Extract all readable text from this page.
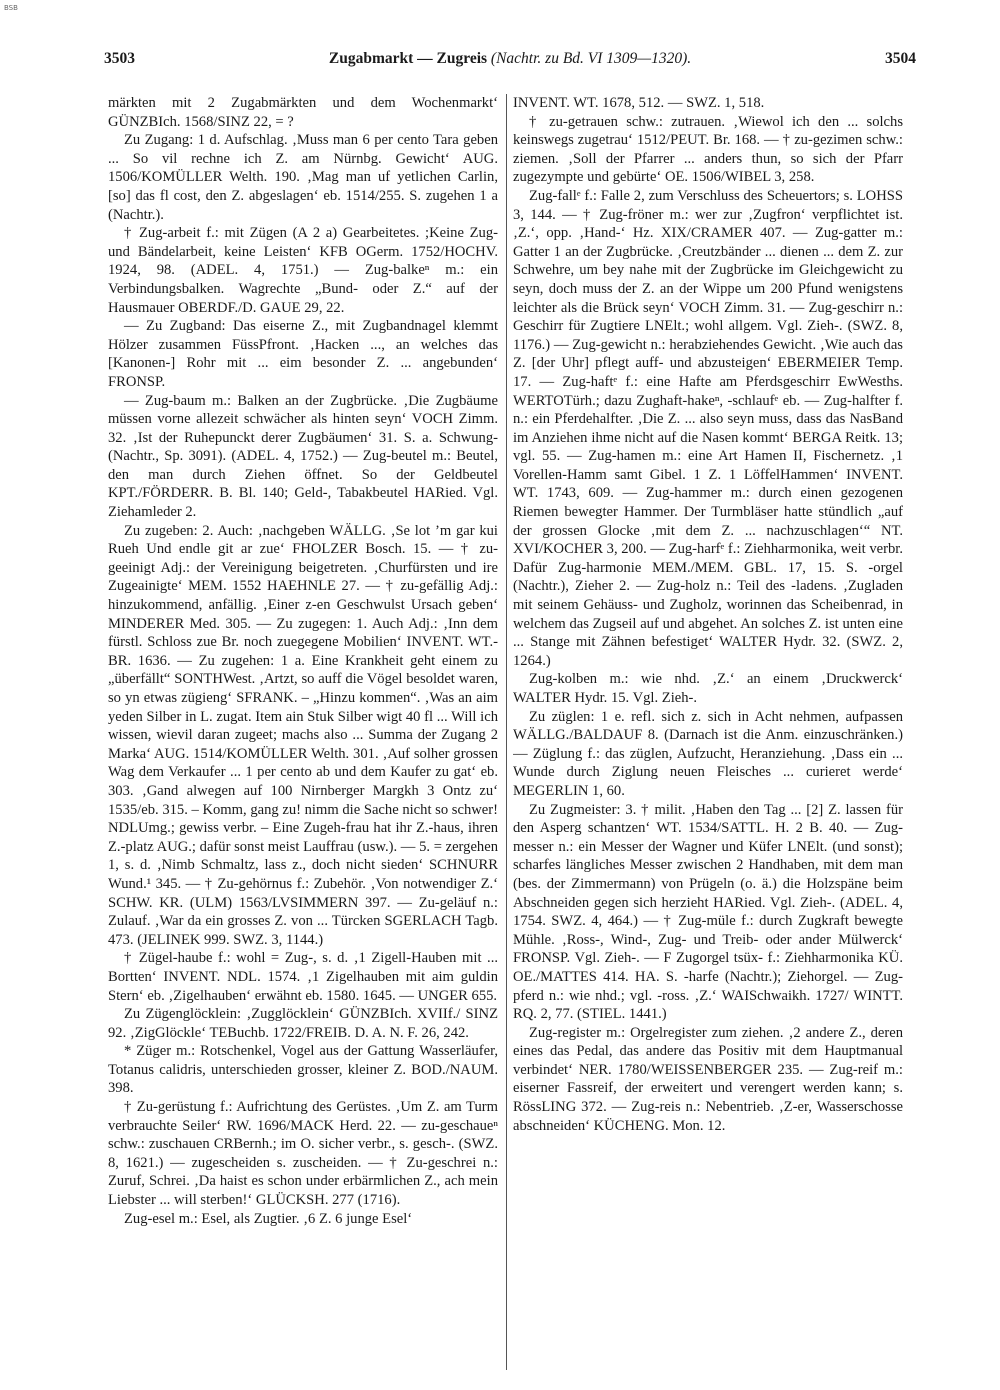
BSB
3503	Zugabmarkt — Zugreis (Nachtr. zu Bd. VI 1309—1320).	3504

märkten mit 2 Zugabmärkten und dem Wochenmarkt‘ GÜNZBIch. 1568/SINZ 22, = ?

Zu Zugang: 1 d. Aufschlag. ‚Muss man 6 per cento Tara geben ... So vil rechne ich Z. am Nürnbg. Gewicht‘ AUG. 1506/KOMÜLLER Welth. 190. ‚Mag man uf yetlichen Carlin, [so] das fl cost, den Z. abgeslagen‘ eb. 1514/255. S. zugehen 1 a (Nachtr.).

† Zug-arbeit f.: mit Zügen (A 2 a) Gearbeitetes. ;Keine Zug- und Bändelarbeit, keine Leisten‘ KFB OGerm. 1752/HOCHV. 1924, 98. (ADEL. 4, 1751.) — Zug-balkeⁿ m.: ein Verbindungsbalken. Wagrechte „Bund- oder Z.“ auf der Hausmauer OBERDF./D. GAUE 29, 22.

— Zu Zugband: Das eiserne Z., mit Zugbandnagel klemmt Hölzer zusammen FüssPfront. ‚Hacken ..., an welches das [Kanonen-] Rohr mit ... eim besonder Z. ... angebunden‘ FRONSP.

— Zug-baum m.: Balken an der Zugbrücke. ‚Die Zugbäume müssen vorne allezeit schwächer als hinten seyn‘ VOCH Zimm. 32. ‚Ist der Ruhepunckt derer Zugbäumen‘ 31. S. a. Schwung- (Nachtr., Sp. 3091). (ADEL. 4, 1752.) — Zug-beutel m.: Beutel, den man durch Ziehen öffnet. So der Geldbeutel KPT./FÖRDERR. B. Bl. 140; Geld-, Tabakbeutel HARied. Vgl. Ziehamleder 2.

Zu zugeben: 2. Auch: ‚nachgeben WÄLLG. ‚Se lot ’m gar kui Rueh Und endle git ar zue‘ FHOLZER Bosch. 15. — † zu-geeinigt Adj.: der Vereinigung beigetreten. ‚Churfürsten und ire Zugeainigte‘ MEM. 1552 HAEHNLE 27. — † zu-gefällig Adj.: hinzukommend, anfällig. ‚Einer z-en Geschwulst Ursach geben‘ MINDERER Med. 305. — Zu zugegen: 1. Auch Adj.: ‚Inn dem fürstl. Schloss zue Br. noch zuegegene Mobilien‘ INVENT. WT.-BR. 1636. — Zu zugehen: 1 a. Eine Krankheit geht einem zu „überfällt“ SONTHWest. ‚Artzt, so auff die Vögel besoldet waren, so yn etwas zügieng‘ SFRANK. – „Hinzu kommen“. ‚Was an aim yeden Silber in L. zugat. Item ain Stuk Silber wigt 40 fl ... Will ich wissen, wievil daran zugeet; machs also ... Summa der Zugang 2 Marka‘ AUG. 1514/KOMÜLLER Welth. 301. ‚Auf solher grossen Wag dem Verkaufer ... 1 per cento ab und dem Kaufer zu gat‘ eb. 303. ‚Gand alwegen auf 100 Nirnberger Margkh 3 Ontz zu‘ 1535/eb. 315. – Komm, gang zu! nimm die Sache nicht so schwer! NDLUmg.; gewiss verbr. – Eine Zugeh-frau hat ihr Z.-haus, ihren Z.-platz AUG.; dafür sonst meist Lauffrau (usw.). — 5. = zergehen 1, s. d. ‚Nimb Schmaltz, lass z., doch nicht sieden‘ SCHNURR Wund.¹ 345. — † Zu-gehörnus f.: Zubehör. ‚Von notwendiger Z.‘ SCHW. KR. (ULM) 1563/LVSIMMERN 397. — Zu-geläuf n.: Zulauf. ‚War da ein grosses Z. von ... Türcken SGERLACH Tagb. 473. (JELINEK 999. SWZ. 3, 1144.)

† Zügel-haube f.: wohl = Zug-, s. d. ‚1 Zigell-Hauben mit ... Bortten‘ INVENT. NDL. 1574. ‚1 Zigelhauben mit aim guldin Stern‘ eb. ‚Zigelhauben‘ erwähnt eb. 1580. 1645. — UNGER 655.

Zu Zügenglöcklein: ‚Zugglöcklein‘ GÜNZBIch. XVIIf./ SINZ 92. ‚ZigGlöckle‘ TEBuchb. 1722/FREIB. D. A. N. F. 26, 242.

* Züger m.: Rotschenkel, Vogel aus der Gattung Wasserläufer, Totanus calidris, unterschieden grosser, kleiner Z. BOD./NAUM. 398.

† Zu-gerüstung f.: Aufrichtung des Gerüstes. ‚Um Z. am Turm verbrauchte Seiler‘ RW. 1696/MACK Herd. 22. — zu-geschaueⁿ schw.: zuschauen CRBernh.; im O. sicher verbr., s. gesch-. (SWZ. 8, 1621.) — zugescheiden s. zuscheiden. — † Zu-geschrei n.: Zuruf, Schrei. ‚Da haist es schon under erbärmlichen Z., ach mein Liebster ... will sterben!‘ GLÜCKSH. 277 (1716).

Zug-esel m.: Esel, als Zugtier. ‚6 Z. 6 junge Esel‘

INVENT. WT. 1678, 512. — SWZ. 1, 518.

† zu-getrauen schw.: zutrauen. ‚Wiewol ich den ... solchs keinswegs zugetrau‘ 1512/PEUT. Br. 168. — † zu-gezimen schw.: ziemen. ‚Soll der Pfarrer ... anders thun, so sich der Pfarr zugezympte und gebürte‘ OE. 1506/WIBEL 3, 258.

Zug-fallᵉ f.: Falle 2, zum Verschluss des Scheuertors; s. LOHSS 3, 144. — † Zug-fröner m.: wer zur ‚Zugfron‘ verpflichtet ist. ‚Z.‘, opp. ‚Hand-‘ Hz. XIX/CRAMER 407. — Zug-gatter m.: Gatter 1 an der Zugbrücke. ‚Creutzbänder ... dienen ... dem Z. zur Schwehre, um bey nahe mit der Zugbrücke im Gleichgewicht zu seyn, doch muss der Z. an der Wippe um 200 Pfund wenigstens leichter als die Brück seyn‘ VOCH Zimm. 31. — Zug-geschirr n.: Geschirr für Zugtiere LNElt.; wohl allgem. Vgl. Zieh-. (SWZ. 8, 1176.) — Zug-gewicht n.: herabziehendes Gewicht. ‚Wie auch das Z. [der Uhr] pflegt auff- und abzusteigen‘ EBERMEIER Temp. 17. — Zug-haftᵉ f.: eine Hafte am Pferdsgeschirr EwWesths. WERTOTürh.; dazu Zughaft-hakeⁿ, -schlaufᵉ eb. — Zug-halfter f. n.: ein Pferdehalfter. ‚Die Z. ... also seyn muss, dass das NasBand im Anziehen ihme nicht auf die Nasen kommt‘ BERGA Reitk. 13; vgl. 55. — Zug-hamen m.: eine Art Hamen II, Fischernetz. ‚1 Vorellen-Hamm samt Gibel. 1 Z. 1 LöffelHammen‘ INVENT. WT. 1743, 609. — Zug-hammer m.: durch einen gezogenen Riemen bewegter Hammer. Der Turmbläser hatte stündlich „auf der grossen Glocke ‚mit dem Z. ... nachzuschlagen‘“ NT. XVI/KOCHER 3, 200. — Zug-harfᵉ f.: Ziehharmonika, weit verbr. Dafür Zug-harmonie MEM./MEM. GBL. 17, 15. S. -orgel (Nachtr.), Zieher 2. — Zug-holz n.: Teil des -ladens. ‚Zugladen mit seinem Gehäuss- und Zugholz, worinnen das Scheibenrad, in welchem das Zugseil auf und abgehet. An solches Z. ist unten eine ... Stange mit Zähnen befestiget‘ WALTER Hydr. 32. (SWZ. 2, 1264.)

Zug-kolben m.: wie nhd. ‚Z.‘ an einem ‚Druckwerck‘ WALTER Hydr. 15. Vgl. Zieh-.

Zu züglen: 1 e. refl. sich z. sich in Acht nehmen, aufpassen WÄLLG./BALDAUF 8. (Darnach ist die Anm. einzuschränken.) — Züglung f.: das züglen, Aufzucht, Heranziehung. ‚Dass ein ... Wunde durch Ziglung neuen Fleisches ... curieret werde‘ MEGERLIN 1, 60.

Zu Zugmeister: 3. † milit. ‚Haben den Tag ... [2] Z. lassen für den Asperg schantzen‘ WT. 1534/SATTL. H. 2 B. 40. — Zug-messer n.: ein Messer der Wagner und Küfer LNElt. (und sonst); scharfes längliches Messer zwischen 2 Handhaben, mit dem man (bes. der Zimmermann) von Prügeln (o. ä.) die Holzspäne beim Abschneiden gegen sich herzieht HARied. Vgl. Zieh-. (ADEL. 4, 1754. SWZ. 4, 464.) — † Zug-müle f.: durch Zugkraft bewegte Mühle. ‚Ross-, Wind-, Zug- und Treib- oder ander Mülwerck‘ FRONSP. Vgl. Zieh-. — F Zugorgel tsüx- f.: Ziehharmonika KÜ. OE./MATTES 414. HA. S. -harfe (Nachtr.); Ziehorgel. — Zug-pferd n.: wie nhd.; vgl. -ross. ‚Z.‘ WAISchwaikh. 1727/ WINTT. RQ. 2, 77. (STIEL. 1441.)

Zug-register m.: Orgelregister zum ziehen. ‚2 andere Z., deren eines das Pedal, das andere das Positiv mit dem Hauptmanual verbindet‘ NER. 1780/WEISSENBERGER 235. — Zug-reif m.: eiserner Fassreif, der erweitert und verengert werden kann; s. RössLING 372. — Zug-reis n.: Nebentrieb. ‚Z-er, Wasserschosse abschneiden‘ KÜCHENG. Mon. 12.
